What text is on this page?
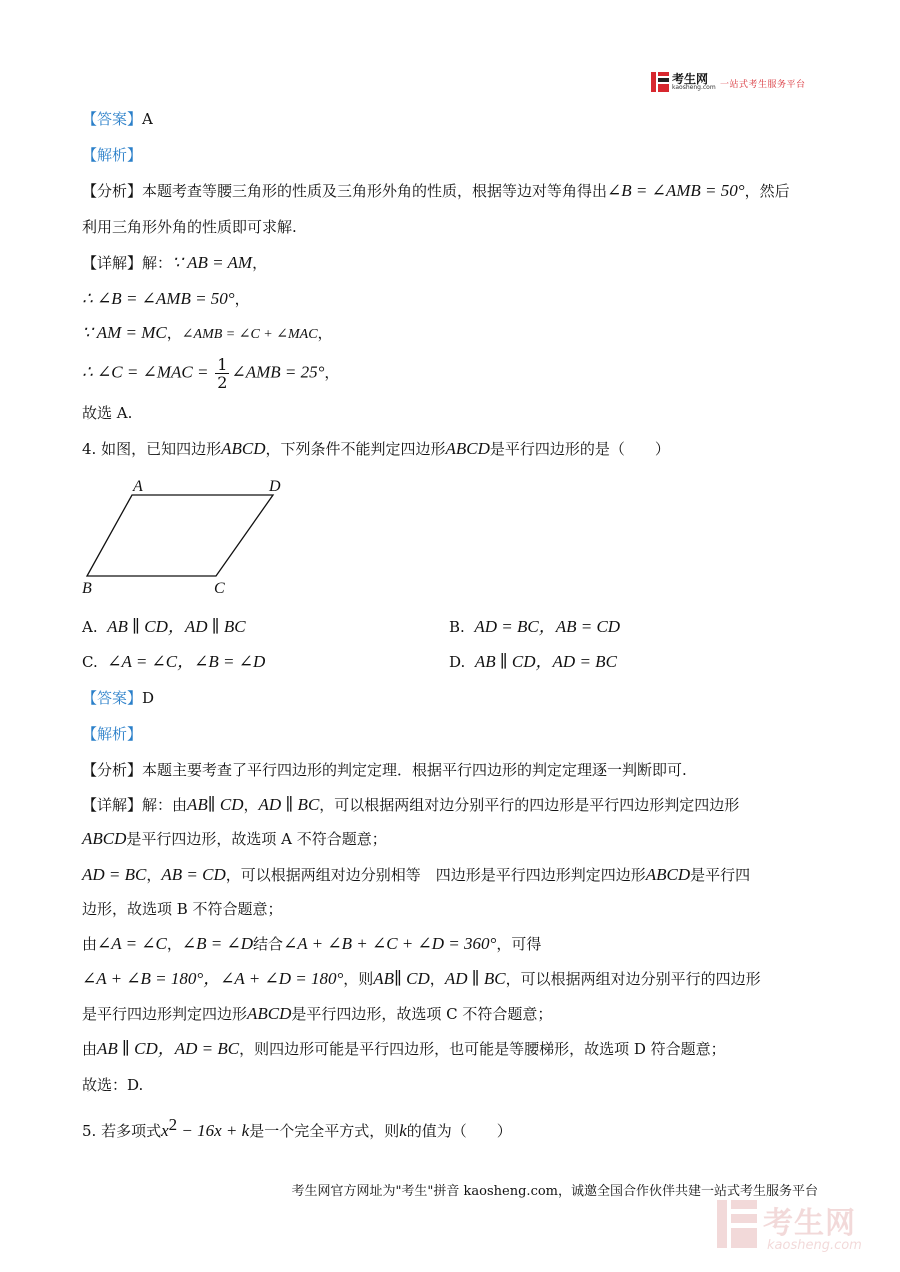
考生网
kaosheng.com 一站式考生服务平台
【答案】A
【解析】
【分析】本题考查等腰三角形的性质及三角形外角的性质，根据等边对等角得出∠B = ∠AMB = 50°，然后
利用三角形外角的性质即可求解.
【详解】解：∵ AB = AM，
∴ ∠B = ∠AMB = 50°，
∵ AM = MC，∠AMB = ∠C + ∠MAC，
∴ ∠C = ∠MAC = $\frac{1}{2}$ ∠AMB = 25°，
故选 A.
4. 如图，已知四边形ABCD，下列条件不能判定四边形ABCD是平行四边形的是（　　）
A	D
B	C
A. AB ∥ CD，AD ∥ BC	B. AD = BC，AB = CD
C. ∠A = ∠C，∠B = ∠D	D. AB ∥ CD，AD = BC
【答案】D
【解析】
【分析】本题主要考查了平行四边形的判定定理．根据平行四边形的判定定理逐一判断即可.
【详解】解：由AB∥ CD，AD ∥ BC，可以根据两组对边分别平行的四边形是平行四边形判定四边形
ABCD是平行四边形，故选项 A 不符合题意；
AD = BC，AB = CD，可以根据两组对边分别相等　四边形是平行四边形判定四边形ABCD是平行四
边形，故选项 B 不符合题意；
由∠A = ∠C，∠B = ∠D结合∠A + ∠B + ∠C + ∠D = 360°，可得
∠A + ∠B = 180°，∠A + ∠D = 180°，则AB∥ CD，AD ∥ BC，可以根据两组对边分别平行的四边形
是平行四边形判定四边形ABCD是平行四边形，故选项 C 不符合题意；
由AB ∥ CD，AD = BC，则四边形可能是平行四边形，也可能是等腰梯形，故选项 D 符合题意；
故选：D.
5. 若多项式$x^2 - 16x + k$是一个完全平方式，则k的值为（　　）
考生网官方网址为"考生"拼音 kaosheng.com，诚邀全国合作伙伴共建一站式考生服务平台
考生网
kaosheng.com
